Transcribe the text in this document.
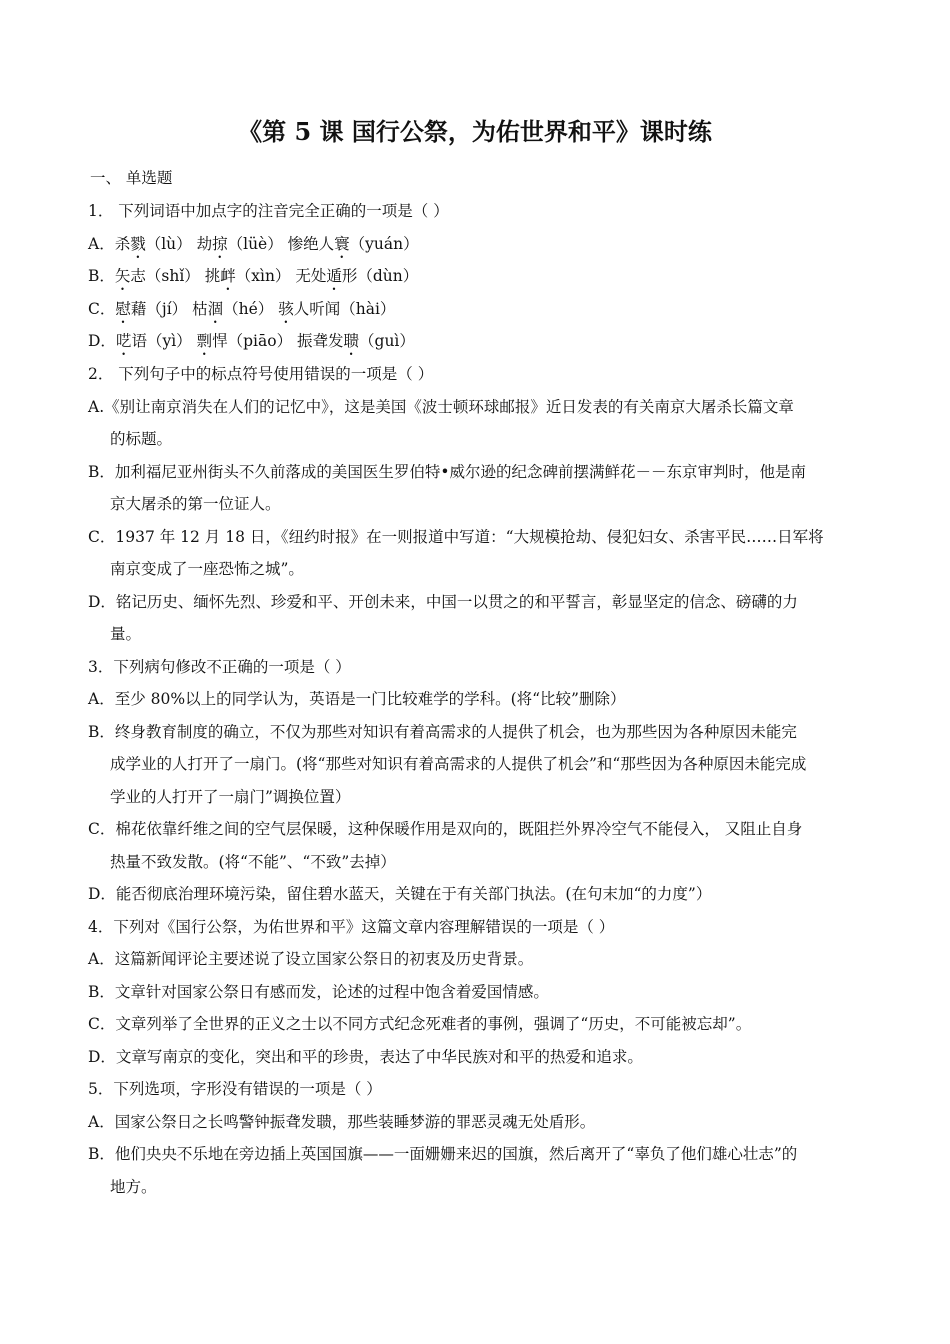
《第 5 课 国行公祭，为佑世界和平》课时练
一、 单选题
1． 下列词语中加点字的注音完全正确的一项是（ ）
A．杀戮（lù） 劫掠（lüè） 惨绝人寰（yuán）
B．矢志（shǐ） 挑衅（xìn） 无处遁形（dùn）
C．慰藉（jí） 枯涸（hé） 骇人听闻（hài）
D．呓语（yì） 剽悍（piāo） 振聋发聩（guì）
2． 下列句子中的标点符号使用错误的一项是（ ）
A.《别让南京消失在人们的记忆中》，这是美国《波士顿环球邮报》近日发表的有关南京大屠杀长篇文章
的标题。
B．加利福尼亚州街头不久前落成的美国医生罗伯特•威尔逊的纪念碑前摆满鲜花－－东京审判时，他是南
京大屠杀的第一位证人。
C．1937 年 12 月 18 日，《纽约时报》在一则报道中写道：“大规模抢劫、侵犯妇女、杀害平民……日军将
南京变成了一座恐怖之城”。
D．铭记历史、缅怀先烈、珍爱和平、开创未来，中国一以贯之的和平誓言，彰显坚定的信念、磅礴的力
量。
3．下列病句修改不正确的一项是（ ）
A．至少 80%以上的同学认为，英语是一门比较难学的学科。(将“比较”删除）
B．终身教育制度的确立，不仅为那些对知识有着高需求的人提供了机会，也为那些因为各种原因未能完
成学业的人打开了一扇门。(将“那些对知识有着高需求的人提供了机会”和“那些因为各种原因未能完成
学业的人打开了一扇门”调换位置）
C．棉花依靠纤维之间的空气层保暖，这种保暖作用是双向的，既阻拦外界冷空气不能侵入， 又阻止自身
热量不致发散。(将“不能”、“不致”去掉）
D．能否彻底治理环境污染，留住碧水蓝天，关键在于有关部门执法。(在句末加“的力度”）
4．下列对《国行公祭，为佑世界和平》这篇文章内容理解错误的一项是（ ）
A．这篇新闻评论主要述说了设立国家公祭日的初衷及历史背景。
B．文章针对国家公祭日有感而发，论述的过程中饱含着爱国情感。
C．文章列举了全世界的正义之士以不同方式纪念死难者的事例，强调了“历史，不可能被忘却”。
D．文章写南京的变化，突出和平的珍贵，表达了中华民族对和平的热爱和追求。
5．下列选项，字形没有错误的一项是（ ）
A．国家公祭日之长鸣警钟振聋发聩，那些装睡梦游的罪恶灵魂无处盾形。
B．他们央央不乐地在旁边插上英国国旗——一面姗姗来迟的国旗，然后离开了“辜负了他们雄心壮志”的
地方。
